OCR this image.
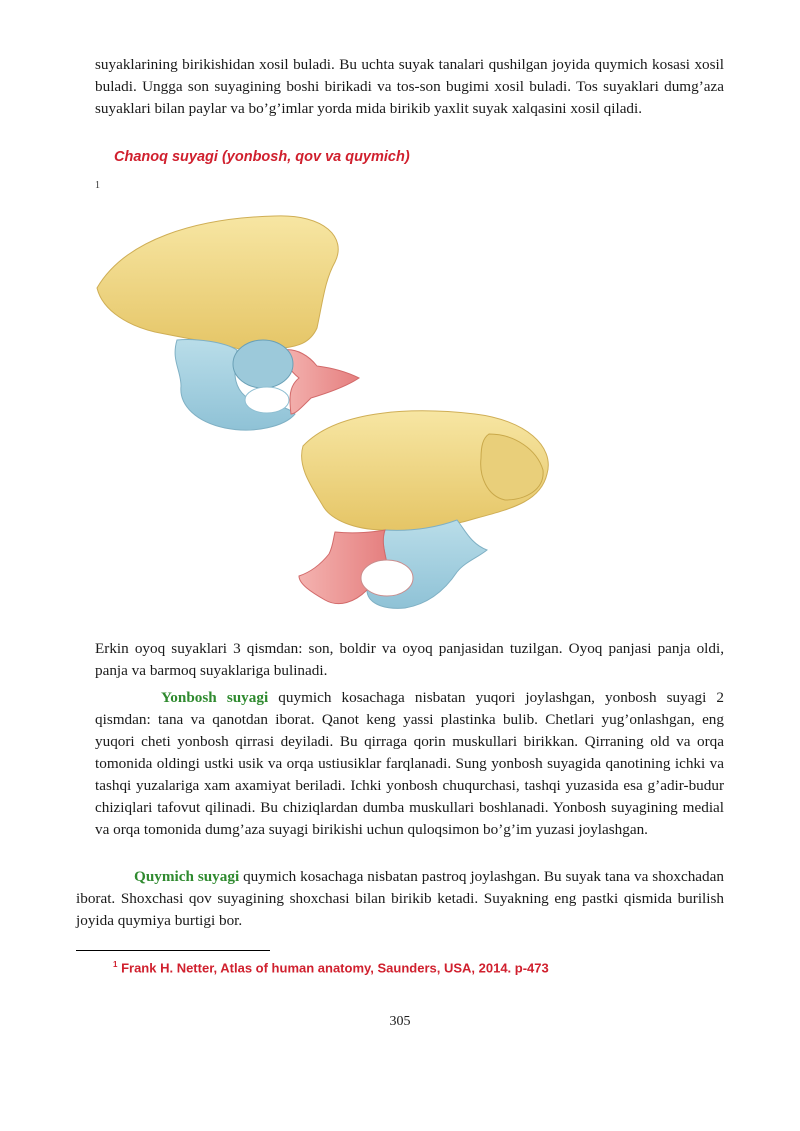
suyaklarining birikishidan xosil buladi. Bu uchta suyak tanalari qushilgan joyida quymich kosasi xosil buladi. Ungga son suyagining boshi birikadi va tos-son bugimi xosil buladi. Tos suyaklari dumg’aza suyaklari bilan paylar va bo’g’imlar yorda mida birikib yaxlit suyak xalqasini xosil qiladi.

Chanoq suyagi (yonbosh, qov va quymich)
1

Erkin oyoq suyaklari 3 qismdan: son, boldir va oyoq panjasidan tuzilgan. Oyoq panjasi panja oldi, panja va barmoq suyaklariga bulinadi.

Yonbosh suyagi quymich kosachaga nisbatan yuqori joylashgan, yonbosh suyagi 2 qismdan: tana va qanotdan iborat. Qanot keng yassi plastinka bulib. Chetlari yug’onlashgan, eng yuqori cheti yonbosh qirrasi deyiladi. Bu qirraga qorin muskullari birikkan. Qirraning old va orqa tomonida oldingi ustki usik va orqa ustiusiklar farqlanadi. Sung yonbosh suyagida qanotining ichki va tashqi yuzalariga xam axamiyat beriladi. Ichki yonbosh chuqurchasi, tashqi yuzasida esa g’adir-budur chiziqlari tafovut qilinadi. Bu chiziqlardan dumba muskullari boshlanadi. Yonbosh suyagining medial va orqa tomonida dumg’aza suyagi birikishi uchun quloqsimon bo’g’im yuzasi joylashgan.

Quymich suyagi quymich kosachaga nisbatan pastroq joylashgan. Bu suyak tana va shoxchadan iborat. Shoxchasi qov suyagining shoxchasi bilan birikib ketadi. Suyakning eng pastki qismida burilish joyida quymiya burtigi bor.

$^1$ Frank H. Netter, Atlas of human anatomy, Saunders, USA, 2014. p-473
305
